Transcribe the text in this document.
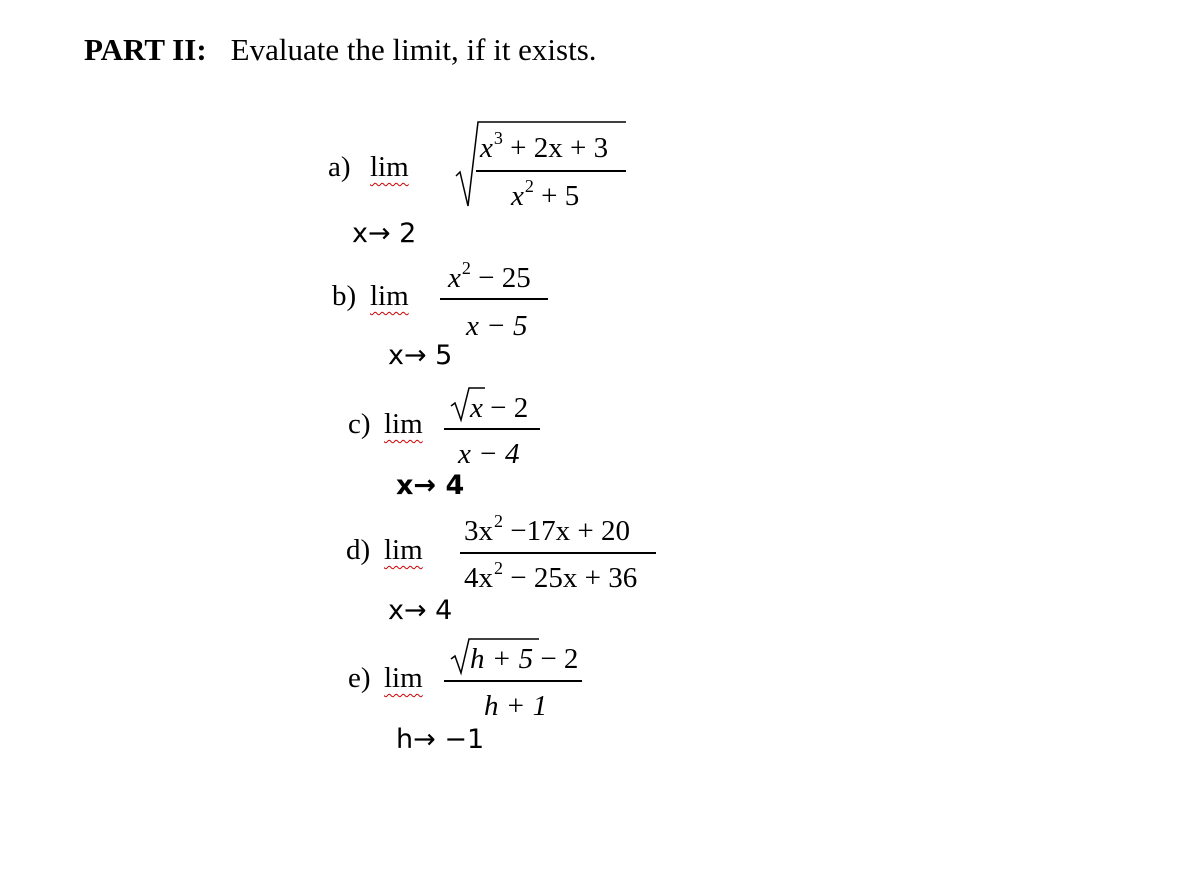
PART II: Evaluate the limit, if it exists.
a) lim
$x^3 + 2x + 3$
$x^2 + 5$
x→ 2
b) lim
$x^2 - 25$
x − 5
x→ 5
c) lim x − 2
x − 4
x→ 4
d) lim
$3x^2 -17x + 20$
$4x^2 - 25x + 36$
x→ 4
e) lim
h + 5 − 2
h + 1
h→ −1
